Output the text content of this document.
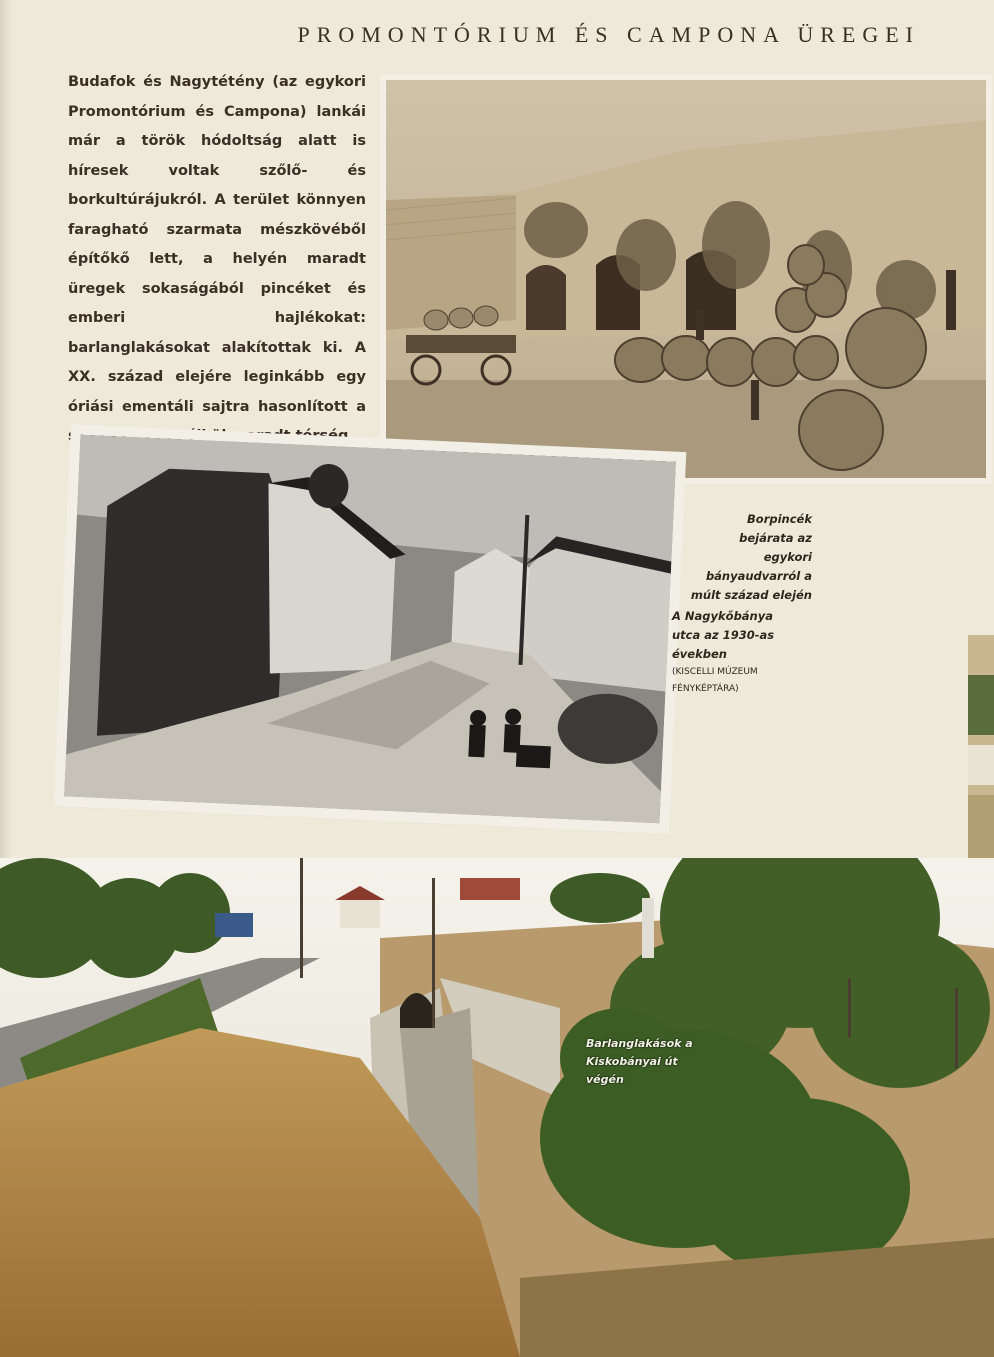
PROMONTÓRIUM ÉS CAMPONA ÜREGEI
Budafok és Nagytétény (az egykori Promontórium és Campona) lankái már a török hódoltság alatt is híresek voltak szőlő- és borkultúrájukról. A terület könnyen faragható szarmata mészkövéből építőkő lett, a helyén maradt üregek sokaságából pincéket és emberi hajlékokat: barlanglakásokat alakítottak ki. A XX. század elejére leginkább egy óriási ementáli sajtra hasonlított a szőlőskertek nélkül maradt térség.
Borpincék bejárata az egykori bányaudvarról a múlt század elején
A Nagykőbánya utca az 1930-as években
(KISCELLI MÚZEUM FÉNYKÉPTÁRA)
Barlanglakások a Kiskobányai út végén
